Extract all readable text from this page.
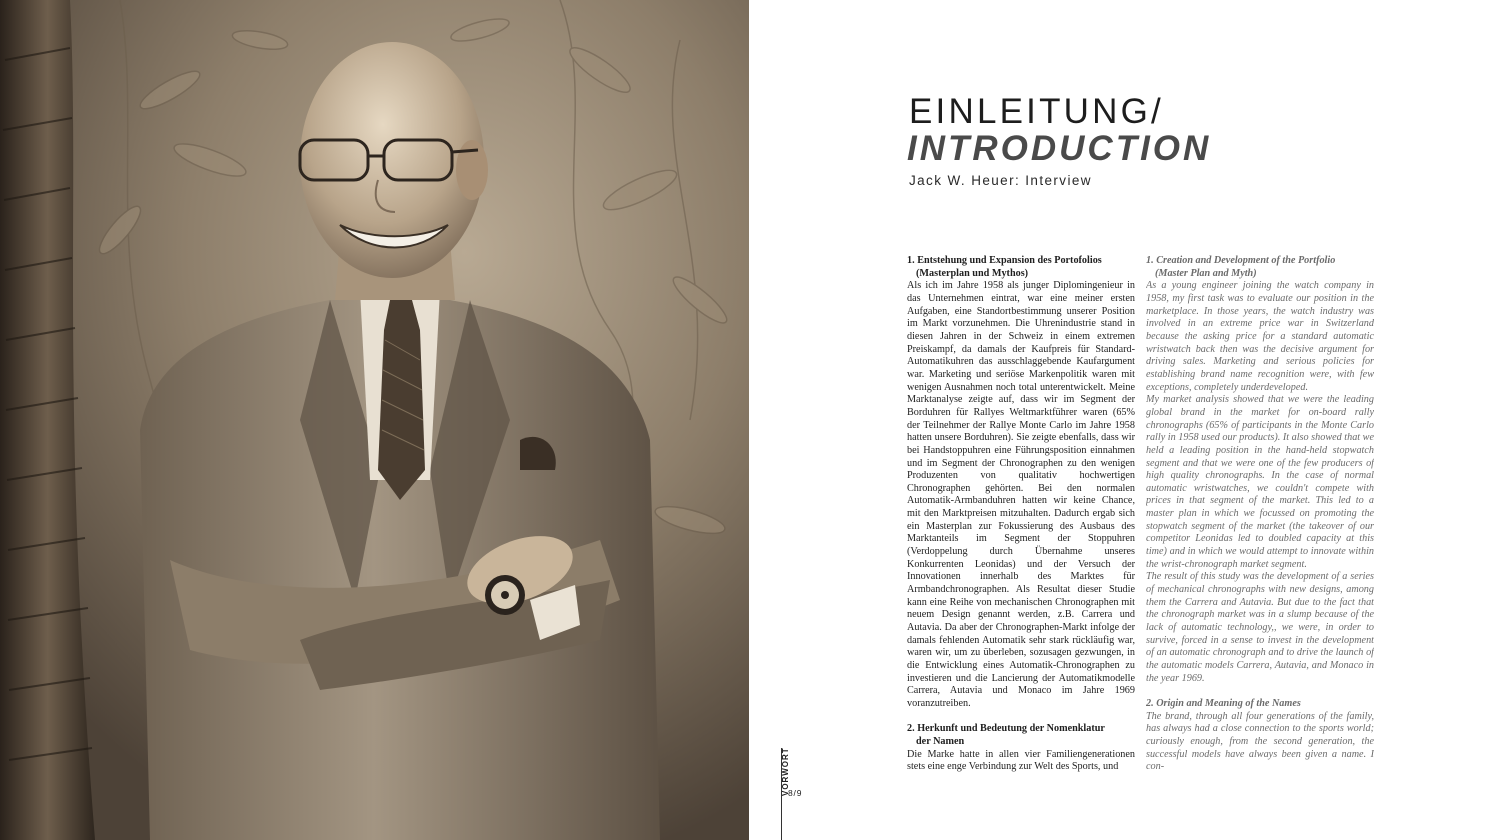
EINLEITUNG/
INTRODUCTION

Jack W. Heuer: Interview

1. Entstehung und Expansion des Portofolios
(Masterplan und Mythos)

Als ich im Jahre 1958 als junger Diplomingenieur in das Unternehmen eintrat, war eine meiner ersten Aufgaben, eine Standortbestimmung unserer Position im Markt vorzunehmen. Die Uhrenindustrie stand in diesen Jahren in der Schweiz in einem extremen Preiskampf, da damals der Kaufpreis für Standard-Automatikuhren das ausschlaggebende Kaufargument war. Marketing und seriöse Markenpolitik waren mit wenigen Ausnahmen noch total unterentwickelt. Meine Marktanalyse zeigte auf, dass wir im Segment der Borduhren für Rallyes Weltmarktführer waren (65% der Teilnehmer der Rallye Monte Carlo im Jahre 1958 hatten unsere Borduhren). Sie zeigte ebenfalls, dass wir bei Handstoppuhren eine Führungsposition einnahmen und im Segment der Chronographen zu den wenigen Produzenten von qualitativ hochwertigen Chronographen gehörten. Bei den normalen Automatik-Armbanduhren hatten wir keine Chance, mit den Marktpreisen mitzuhalten. Dadurch ergab sich ein Masterplan zur Fokussierung des Ausbaus des Marktanteils im Segment der Stoppuhren (Verdoppelung durch Übernahme unseres Konkurrenten Leonidas) und der Versuch der Innovationen innerhalb des Marktes für Armbandchronographen. Als Resultat dieser Studie kann eine Reihe von mechanischen Chronographen mit neuem Design genannt werden, z.B. Carrera und Autavia. Da aber der Chronographen-Markt infolge der damals fehlenden Automatik sehr stark rückläufig war, waren wir, um zu überleben, sozusagen gezwungen, in die Entwicklung eines Automatik-Chronographen zu investieren und die Lancierung der Automatikmodelle Carrera, Autavia und Monaco im Jahre 1969 voranzutreiben.

2. Herkunft und Bedeutung der Nomenklatur
der Namen

Die Marke hatte in allen vier Familiengenerationen stets eine enge Verbindung zur Welt des Sports, und

1. Creation and Development of the Portfolio
(Master Plan and Myth)

As a young engineer joining the watch company in 1958, my first task was to evaluate our position in the marketplace. In those years, the watch industry was involved in an extreme price war in Switzerland because the asking price for a standard automatic wristwatch back then was the decisive argument for driving sales. Marketing and serious policies for establishing brand name recognition were, with few exceptions, completely underdeveloped.

My market analysis showed that we were the leading global brand in the market for on-board rally chronographs (65% of participants in the Monte Carlo rally in 1958 used our products). It also showed that we held a leading position in the hand-held stopwatch segment and that we were one of the few producers of high quality chronographs. In the case of normal automatic wristwatches, we couldn't compete with prices in that segment of the market. This led to a master plan in which we focussed on promoting the stopwatch segment of the market (the takeover of our competitor Leonidas led to doubled capacity at this time) and in which we would attempt to innovate within the wrist-chronograph market segment.

The result of this study was the development of a series of mechanical chronographs with new designs, among them the Carrera and Autavia. But due to the fact that the chronograph market was in a slump because of the lack of automatic technology,, we were, in order to survive, forced in a sense to invest in the development of an automatic chronograph and to drive the launch of the automatic models Carrera, Autavia, and Monaco in the year 1969.

2. Origin and Meaning of the Names

The brand, through all four generations of the family, has always had a close connection to the sports world; curiously enough, from the second generation, the successful models have always been given a name. I con-

VORWORT
8/9
